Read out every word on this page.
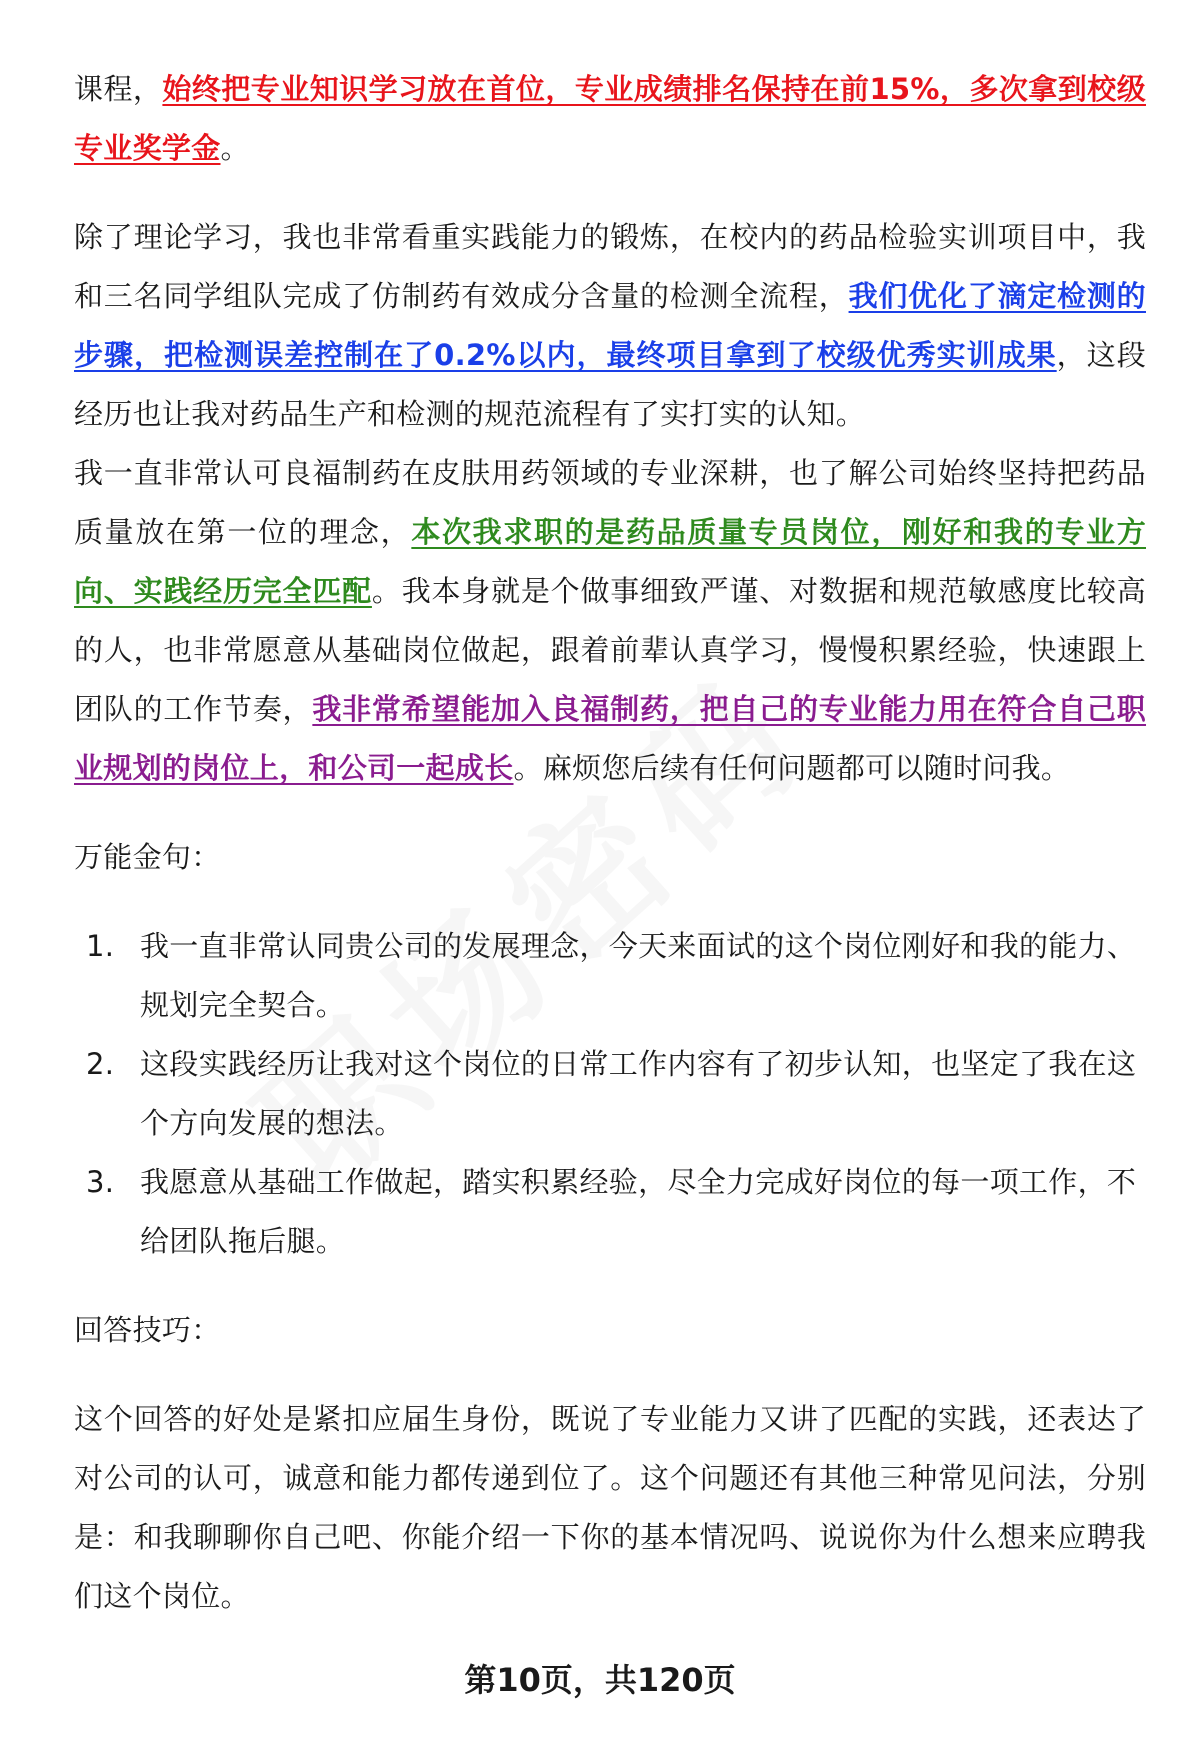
课程，始终把专业知识学习放在首位，专业成绩排名保持在前15%，多次拿到校级专业奖学金。

除了理论学习，我也非常看重实践能力的锻炼，在校内的药品检验实训项目中，我和三名同学组队完成了仿制药有效成分含量的检测全流程，我们优化了滴定检测的步骤，把检测误差控制在了0.2%以内，最终项目拿到了校级优秀实训成果，这段经历也让我对药品生产和检测的规范流程有了实打实的认知。

我一直非常认可良福制药在皮肤用药领域的专业深耕，也了解公司始终坚持把药品质量放在第一位的理念，本次我求职的是药品质量专员岗位，刚好和我的专业方向、实践经历完全匹配。我本身就是个做事细致严谨、对数据和规范敏感度比较高的人，也非常愿意从基础岗位做起，跟着前辈认真学习，慢慢积累经验，快速跟上团队的工作节奏，我非常希望能加入良福制药，把自己的专业能力用在符合自己职业规划的岗位上，和公司一起成长。麻烦您后续有任何问题都可以随时问我。

万能金句：

1. 我一直非常认同贵公司的发展理念，今天来面试的这个岗位刚好和我的能力、规划完全契合。
2. 这段实践经历让我对这个岗位的日常工作内容有了初步认知，也坚定了我在这个方向发展的想法。
3. 我愿意从基础工作做起，踏实积累经验，尽全力完成好岗位的每一项工作，不给团队拖后腿。

回答技巧：

这个回答的好处是紧扣应届生身份，既说了专业能力又讲了匹配的实践，还表达了对公司的认可，诚意和能力都传递到位了。这个问题还有其他三种常见问法，分别是：和我聊聊你自己吧、你能介绍一下你的基本情况吗、说说你为什么想来应聘我们这个岗位。

第10页，共120页
